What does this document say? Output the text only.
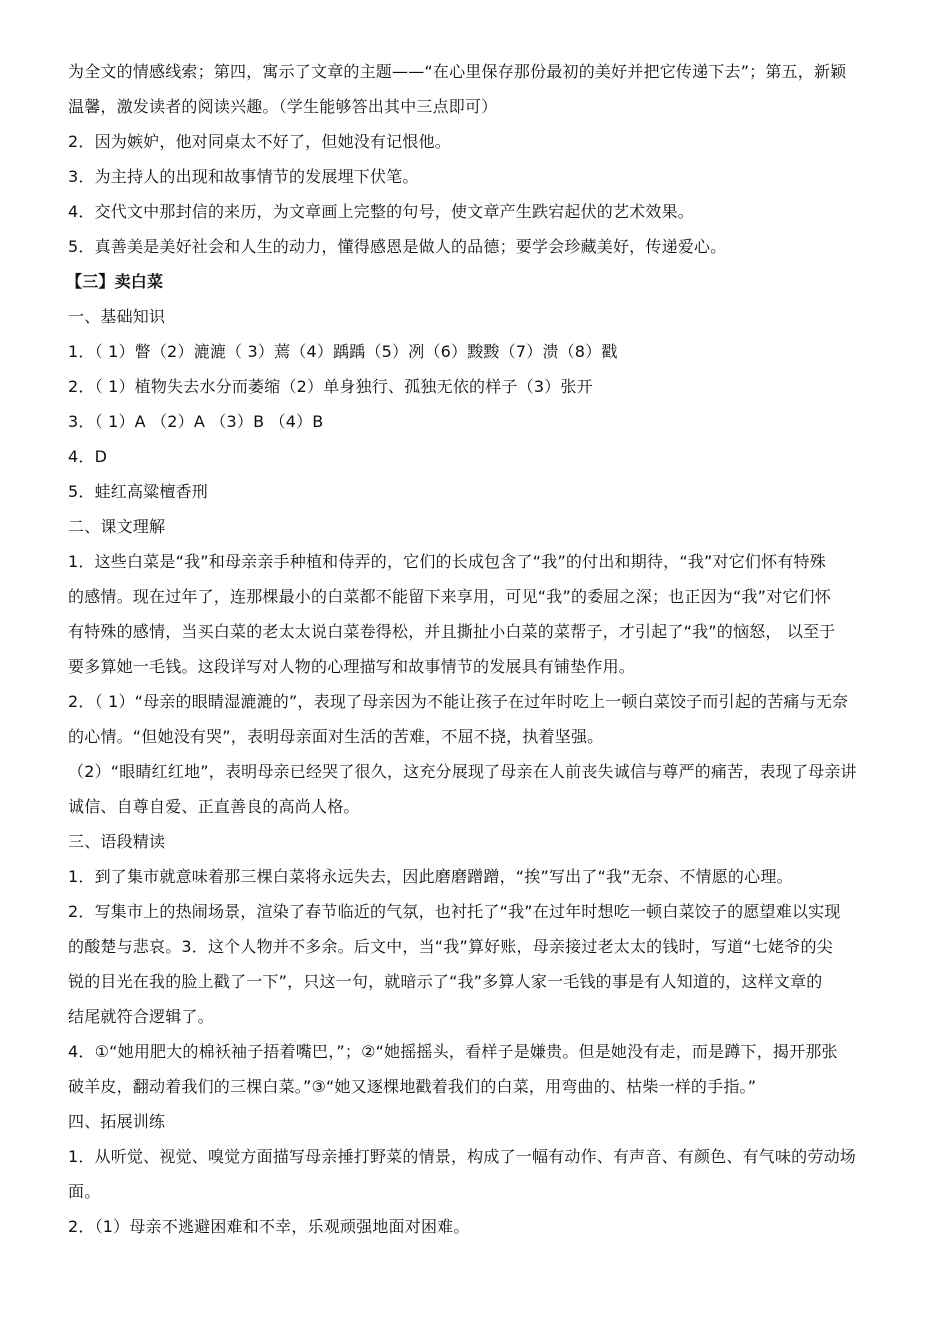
为全文的情感线索；第四，寓示了文章的主题——“在心里保存那份最初的美好并把它传递下去”；第五，新颖
温馨，激发读者的阅读兴趣。（学生能够答出其中三点即可）
2．因为嫉妒，他对同桌太不好了，但她没有记恨他。
3．为主持人的出现和故事情节的发展埋下伏笔。
4．交代文中那封信的来历，为文章画上完整的句号，使文章产生跌宕起伏的艺术效果。
5．真善美是美好社会和人生的动力，懂得感恩是做人的品德；要学会珍藏美好，传递爱心。
【三】卖白菜
一、基础知识
1．（ 1）瞥（2）漉漉（ 3）蔫（4）踽踽（5）冽（6）黢黢（7）溃（8）戳
2．（ 1）植物失去水分而萎缩（2）单身独行、孤独无依的样子（3）张开
3．（ 1）A （2）A （3）B （4）B
4．D
5．蛙红高粱檀香刑
二、课文理解
1．这些白菜是“我”和母亲亲手种植和侍弄的，它们的长成包含了“我”的付出和期待，“我”对它们怀有特殊
的感情。现在过年了，连那棵最小的白菜都不能留下来享用，可见“我”的委屈之深；也正因为“我”对它们怀
有特殊的感情，当买白菜的老太太说白菜卷得松，并且撕扯小白菜的菜帮子，才引起了“我”的恼怒， 以至于
要多算她一毛钱。这段详写对人物的心理描写和故事情节的发展具有铺垫作用。
2．（ 1）“母亲的眼睛湿漉漉的”，表现了母亲因为不能让孩子在过年时吃上一顿白菜饺子而引起的苦痛与无奈
的心情。“但她没有哭”，表明母亲面对生活的苦难，不屈不挠，执着坚强。
（2）“眼睛红红地”，表明母亲已经哭了很久，这充分展现了母亲在人前丧失诚信与尊严的痛苦，表现了母亲讲
诚信、自尊自爱、正直善良的高尚人格。
三、语段精读
1．到了集市就意味着那三棵白菜将永远失去，因此磨磨蹭蹭，“挨”写出了“我”无奈、不情愿的心理。
2．写集市上的热闹场景，渲染了春节临近的气氛，也衬托了“我”在过年时想吃一顿白菜饺子的愿望难以实现
的酸楚与悲哀。3．这个人物并不多余。后文中，当“我”算好账，母亲接过老太太的钱时，写道“七姥爷的尖
锐的目光在我的脸上戳了一下”，只这一句，就暗示了“我”多算人家一毛钱的事是有人知道的，这样文章的
结尾就符合逻辑了。
4．①“她用肥大的棉袄袖子捂着嘴巴，”；②“她摇摇头，看样子是嫌贵。但是她没有走，而是蹲下，揭开那张
破羊皮，翻动着我们的三棵白菜。”③“她又逐棵地戳着我们的白菜，用弯曲的、枯柴一样的手指。”
四、拓展训练
1．从听觉、视觉、嗅觉方面描写母亲捶打野菜的情景，构成了一幅有动作、有声音、有颜色、有气味的劳动场
面。
2．（1）母亲不逃避困难和不幸，乐观顽强地面对困难。
